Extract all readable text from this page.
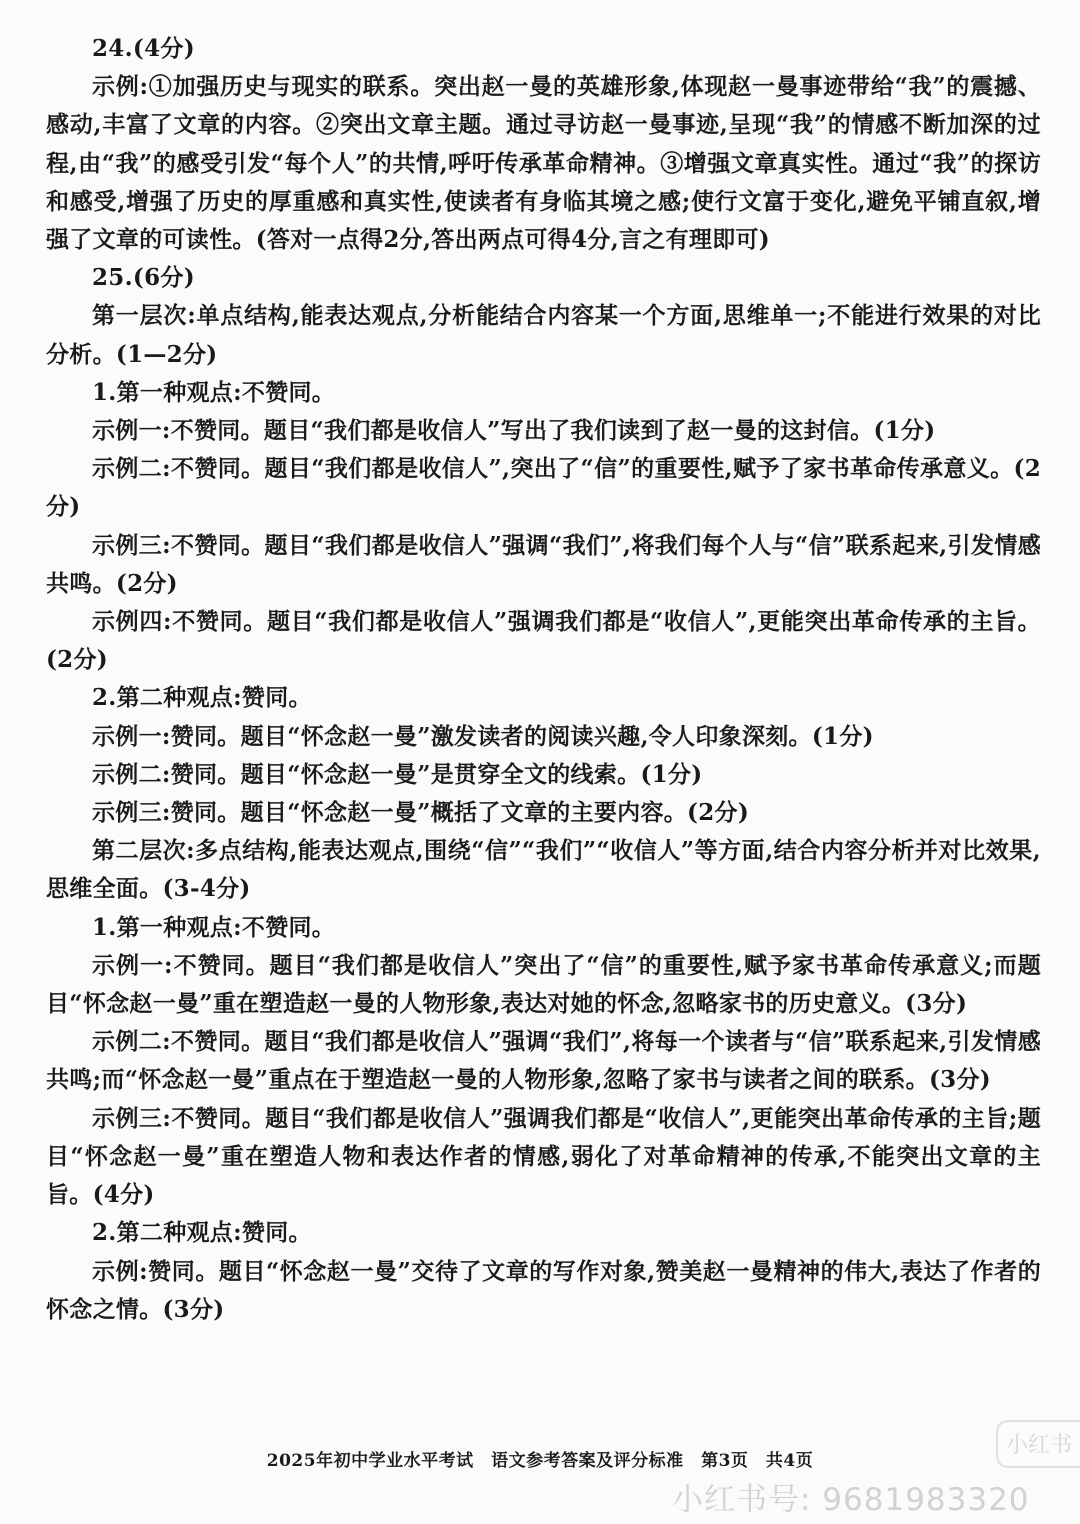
24.(4分)
示例:①加强历史与现实的联系。突出赵一曼的英雄形象,体现赵一曼事迹带给“我”的震撼、感动,丰富了文章的内容。②突出文章主题。通过寻访赵一曼事迹,呈现“我”的情感不断加深的过程,由“我”的感受引发“每个人”的共情,呼吁传承革命精神。③增强文章真实性。通过“我”的探访和感受,增强了历史的厚重感和真实性,使读者有身临其境之感;使行文富于变化,避免平铺直叙,增强了文章的可读性。(答对一点得2分,答出两点可得4分,言之有理即可)
25.(6分)
第一层次:单点结构,能表达观点,分析能结合内容某一个方面,思维单一;不能进行效果的对比分析。(1—2分)
1.第一种观点:不赞同。
示例一:不赞同。题目“我们都是收信人”写出了我们读到了赵一曼的这封信。(1分)
示例二:不赞同。题目“我们都是收信人”,突出了“信”的重要性,赋予了家书革命传承意义。(2分)
示例三:不赞同。题目“我们都是收信人”强调“我们”,将我们每个人与“信”联系起来,引发情感共鸣。(2分)
示例四:不赞同。题目“我们都是收信人”强调我们都是“收信人”,更能突出革命传承的主旨。(2分)
2.第二种观点:赞同。
示例一:赞同。题目“怀念赵一曼”激发读者的阅读兴趣,令人印象深刻。(1分)
示例二:赞同。题目“怀念赵一曼”是贯穿全文的线索。(1分)
示例三:赞同。题目“怀念赵一曼”概括了文章的主要内容。(2分)
第二层次:多点结构,能表达观点,围绕“信”“我们”“收信人”等方面,结合内容分析并对比效果,思维全面。(3-4分)
1.第一种观点:不赞同。
示例一:不赞同。题目“我们都是收信人”突出了“信”的重要性,赋予家书革命传承意义;而题目“怀念赵一曼”重在塑造赵一曼的人物形象,表达对她的怀念,忽略家书的历史意义。(3分)
示例二:不赞同。题目“我们都是收信人”强调“我们”,将每一个读者与“信”联系起来,引发情感共鸣;而“怀念赵一曼”重点在于塑造赵一曼的人物形象,忽略了家书与读者之间的联系。(3分)
示例三:不赞同。题目“我们都是收信人”强调我们都是“收信人”,更能突出革命传承的主旨;题目“怀念赵一曼”重在塑造人物和表达作者的情感,弱化了对革命精神的传承,不能突出文章的主旨。(4分)
2.第二种观点:赞同。
示例:赞同。题目“怀念赵一曼”交待了文章的写作对象,赞美赵一曼精神的伟大,表达了作者的怀念之情。(3分)
2025年初中学业水平考试　语文参考答案及评分标准　第3页　共4页
小红书
小红书号: 9681983320
